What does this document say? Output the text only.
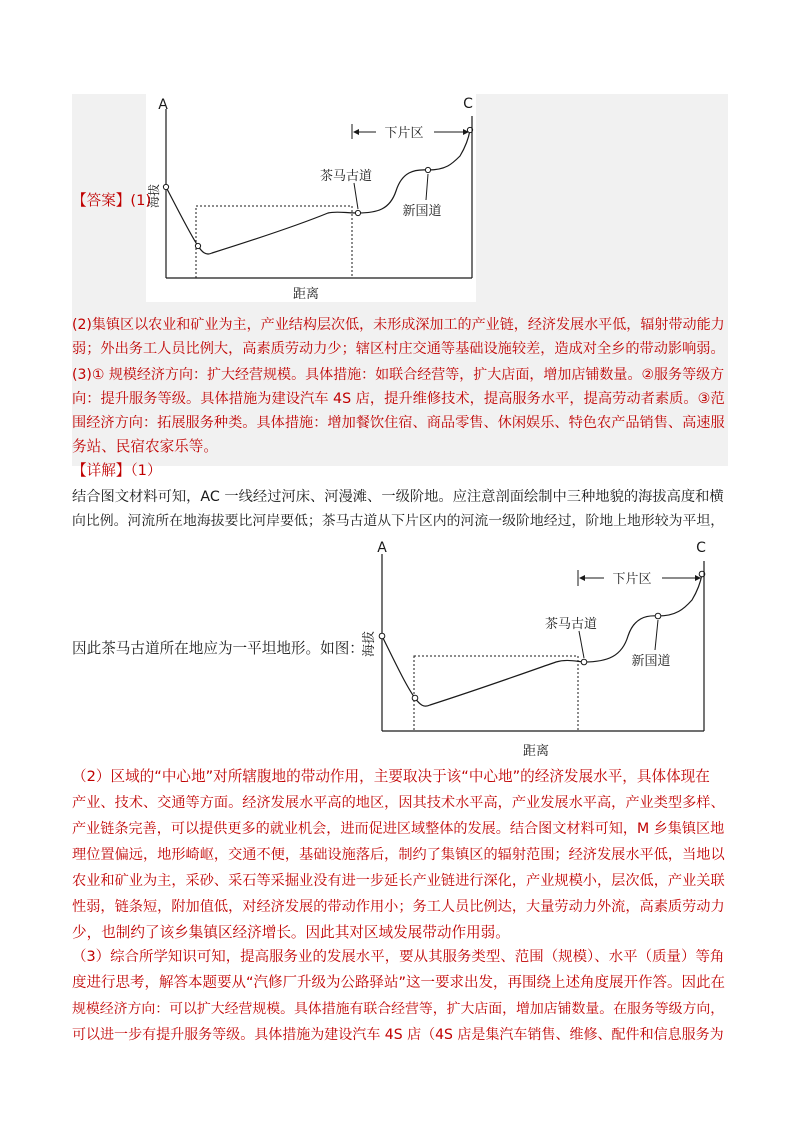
A	C
海拔
距离
下片区
茶马古道
新国道
【答案】(1)
(2)集镇区以农业和矿业为主，产业结构层次低，未形成深加工的产业链，经济发展水平低，辐射带动能力
弱；外出务工人员比例大，高素质劳动力少；辖区村庄交通等基础设施较差，造成对全乡的带动影响弱。
(3)① 规模经济方向：扩大经营规模。具体措施：如联合经营等，扩大店面，增加店铺数量。②服务等级方
向：提升服务等级。具体措施为建设汽车 4S 店，提升维修技术，提高服务水平，提高劳动者素质。③范
围经济方向：拓展服务种类。具体措施：增加餐饮住宿、商品零售、休闲娱乐、特色农产品销售、高速服
务站、民宿农家乐等。
【详解】（1）
结合图文材料可知，AC 一线经过河床、河漫滩、一级阶地。应注意剖面绘制中三种地貌的海拔高度和横
向比例。河流所在地海拔要比河岸要低；茶马古道从下片区内的河流一级阶地经过，阶地上地形较为平坦，
A	C
海拔
距离
下片区
茶马古道
新国道
因此茶马古道所在地应为一平坦地形。如图：
（2）区域的“中心地”对所辖腹地的带动作用，主要取决于该“中心地”的经济发展水平，具体体现在
产业、技术、交通等方面。经济发展水平高的地区，因其技术水平高，产业发展水平高，产业类型多样、
产业链条完善，可以提供更多的就业机会，进而促进区域整体的发展。结合图文材料可知，M 乡集镇区地
理位置偏远，地形崎岖，交通不便，基础设施落后，制约了集镇区的辐射范围；经济发展水平低，当地以
农业和矿业为主，采砂、采石等采掘业没有进一步延长产业链进行深化，产业规模小，层次低，产业关联
性弱，链条短，附加值低，对经济发展的带动作用小；务工人员比例达，大量劳动力外流，高素质劳动力
少，也制约了该乡集镇区经济增长。因此其对区域发展带动作用弱。
（3）综合所学知识可知，提高服务业的发展水平，要从其服务类型、范围（规模）、水平（质量）等角
度进行思考，解答本题要从“汽修厂升级为公路驿站”这一要求出发，再围绕上述角度展开作答。因此在
规模经济方向：可以扩大经营规模。具体措施有联合经营等，扩大店面，增加店铺数量。在服务等级方向，
可以进一步有提升服务等级。具体措施为建设汽车 4S 店（4S 店是集汽车销售、维修、配件和信息服务为
